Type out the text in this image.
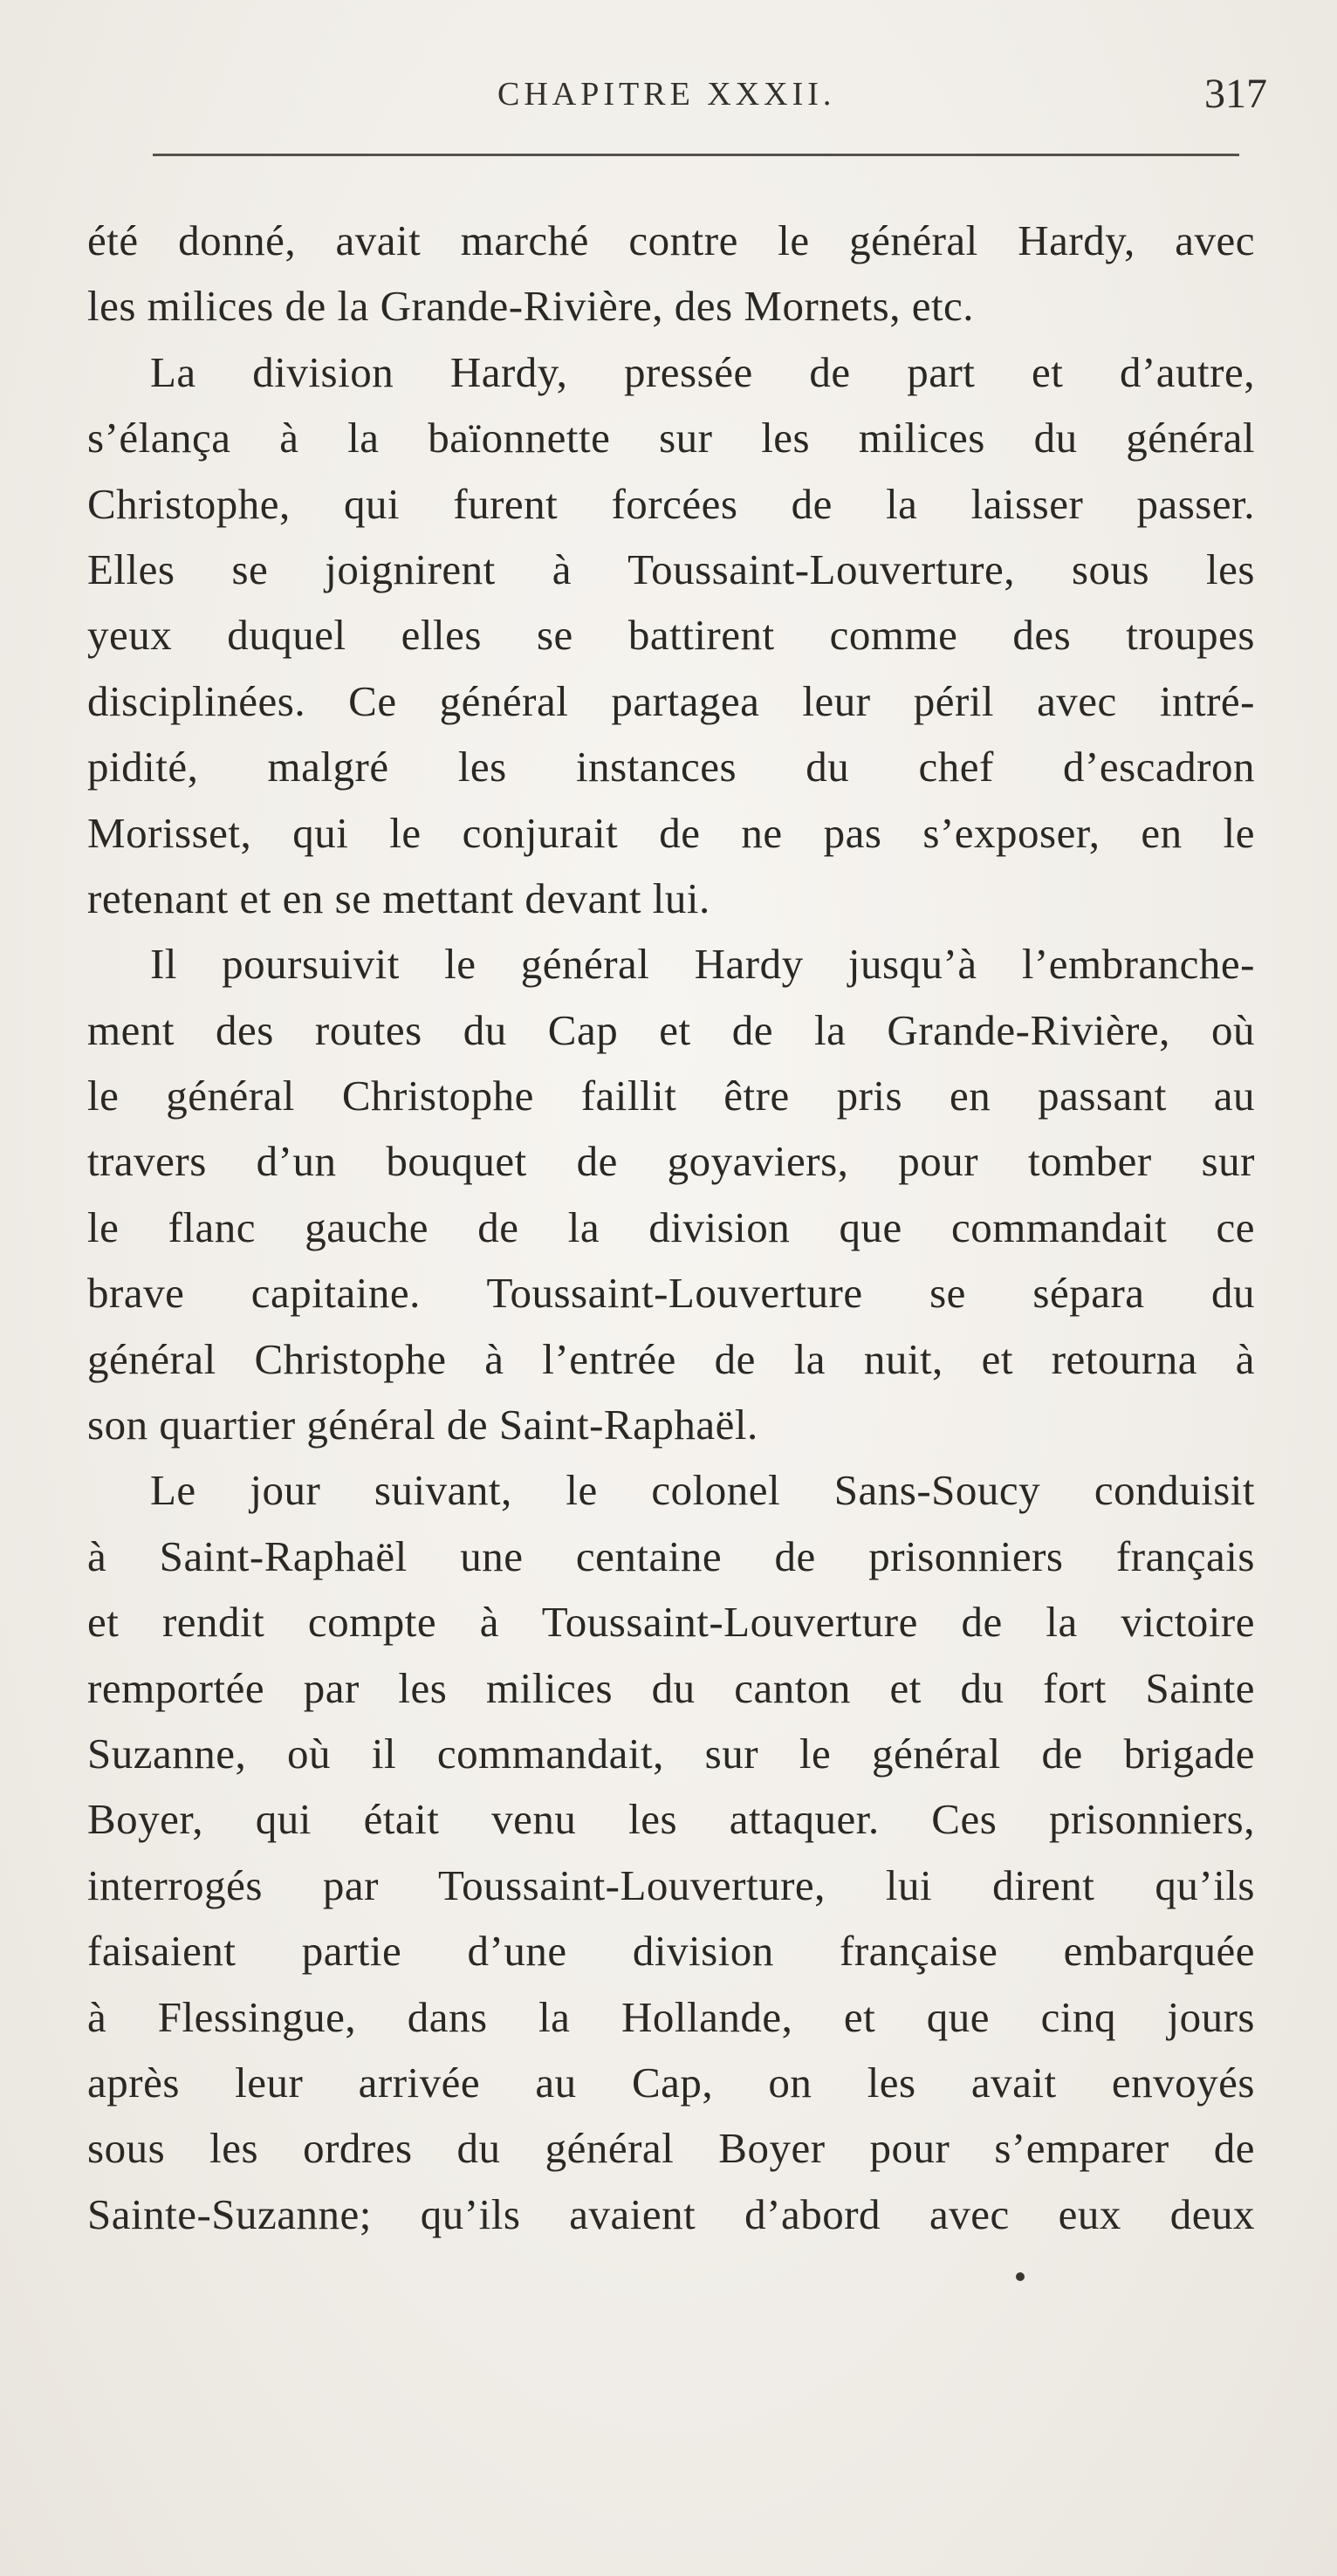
CHAPITRE XXXII.	317
été donné, avait marché contre le général Hardy, avec
les milices de la Grande-Rivière, des Mornets, etc.
La division Hardy, pressée de part et d’autre,
s’élança à la baïonnette sur les milices du général
Christophe, qui furent forcées de la laisser passer.
Elles se joignirent à Toussaint-Louverture, sous les
yeux duquel elles se battirent comme des troupes
disciplinées. Ce général partagea leur péril avec intré-
pidité, malgré les instances du chef d’escadron
Morisset, qui le conjurait de ne pas s’exposer, en le
retenant et en se mettant devant lui.
Il poursuivit le général Hardy jusqu’à l’embranche-
ment des routes du Cap et de la Grande-Rivière, où
le général Christophe faillit être pris en passant au
travers d’un bouquet de goyaviers, pour tomber sur
le flanc gauche de la division que commandait ce
brave capitaine. Toussaint-Louverture se sépara du
général Christophe à l’entrée de la nuit, et retourna à
son quartier général de Saint-Raphaël.
Le jour suivant, le colonel Sans-Soucy conduisit
à Saint-Raphaël une centaine de prisonniers français
et rendit compte à Toussaint-Louverture de la victoire
remportée par les milices du canton et du fort Sainte
Suzanne, où il commandait, sur le général de brigade
Boyer, qui était venu les attaquer. Ces prisonniers,
interrogés par Toussaint-Louverture, lui dirent qu’ils
faisaient partie d’une division française embarquée
à Flessingue, dans la Hollande, et que cinq jours
après leur arrivée au Cap, on les avait envoyés
sous les ordres du général Boyer pour s’emparer de
Sainte-Suzanne; qu’ils avaient d’abord avec eux deux
